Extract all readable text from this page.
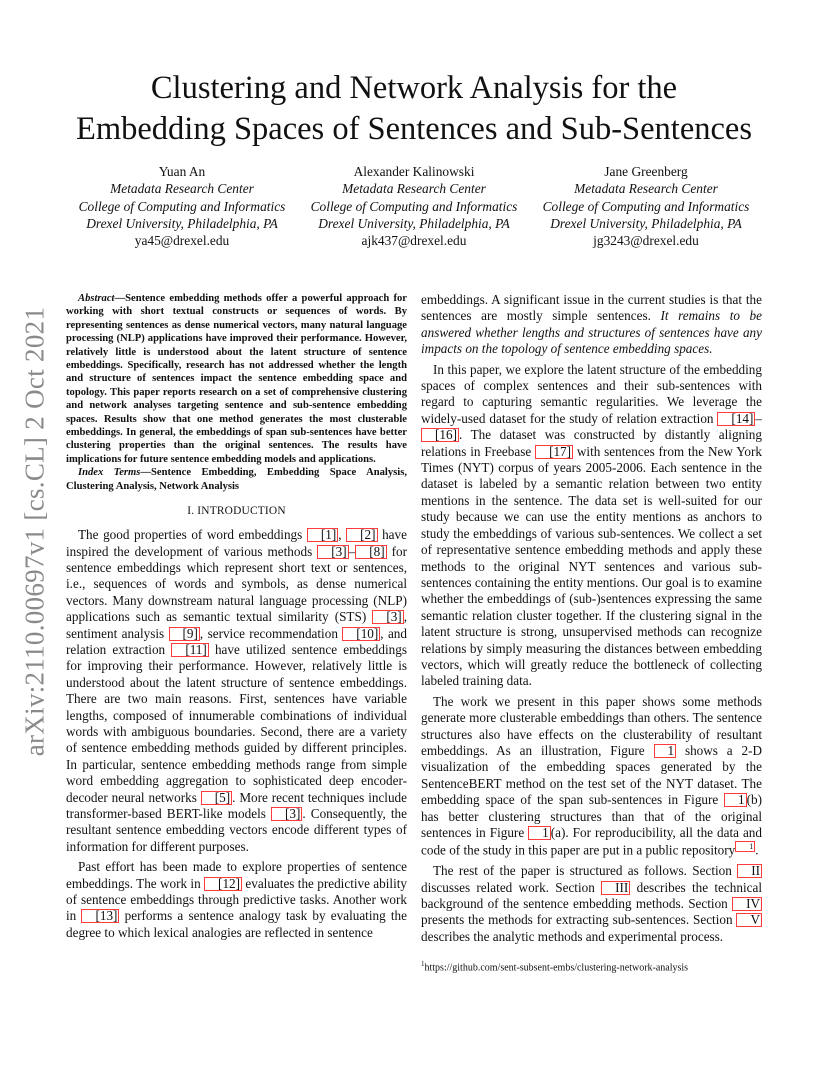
arXiv:2110.00697v1 [cs.CL] 2 Oct 2021
Clustering and Network Analysis for the
Embedding Spaces of Sentences and Sub-Sentences
Yuan An
Metadata Research Center
College of Computing and Informatics
Drexel University, Philadelphia, PA
ya45@drexel.edu
Alexander Kalinowski
Metadata Research Center
College of Computing and Informatics
Drexel University, Philadelphia, PA
ajk437@drexel.edu
Jane Greenberg
Metadata Research Center
College of Computing and Informatics
Drexel University, Philadelphia, PA
jg3243@drexel.edu

Abstract—Sentence embedding methods offer a powerful approach for working with short textual constructs or sequences of words. By representing sentences as dense numerical vectors, many natural language processing (NLP) applications have improved their performance. However, relatively little is understood about the latent structure of sentence embeddings. Specifically, research has not addressed whether the length and structure of sentences impact the sentence embedding space and topology. This paper reports research on a set of comprehensive clustering and network analyses targeting sentence and sub-sentence embedding spaces. Results show that one method generates the most clusterable embeddings. In general, the embeddings of span sub-sentences have better clustering properties than the original sentences. The results have implications for future sentence embedding models and applications.

Index Terms—Sentence Embedding, Embedding Space Analysis, Clustering Analysis, Network Analysis

I. INTRODUCTION

The good properties of word embeddings [1] , [2] have inspired the development of various methods [3] – [8] for sentence embeddings which represent short text or sentences, i.e., sequences of words and symbols, as dense numerical vectors. Many downstream natural language processing (NLP) applications such as semantic textual similarity (STS) [3] , sentiment analysis [9] , service recommendation [10] , and relation extraction [11] have utilized sentence embeddings for improving their performance. However, relatively little is understood about the latent structure of sentence embeddings. There are two main reasons. First, sentences have variable lengths, composed of innumerable combinations of individual words with ambiguous boundaries. Second, there are a variety of sentence embedding methods guided by different principles. In particular, sentence embedding methods range from simple word embedding aggregation to sophisticated deep encoder-decoder neural networks [5] . More recent techniques include transformer-based BERT-like models [3] . Consequently, the resultant sentence embedding vectors encode different types of information for different purposes.

Past effort has been made to explore properties of sentence embeddings. The work in [12] evaluates the predictive ability of sentence embeddings through predictive tasks. Another work in [13] performs a sentence analogy task by evaluating the degree to which lexical analogies are reflected in sentence

embeddings. A significant issue in the current studies is that the sentences are mostly simple sentences. It remains to be answered whether lengths and structures of sentences have any impacts on the topology of sentence embedding spaces.

In this paper, we explore the latent structure of the embedding spaces of complex sentences and their sub-sentences with regard to capturing semantic regularities. We leverage the widely-used dataset for the study of relation extraction [14] –[16] . The dataset was constructed by distantly aligning relations in Freebase [17] with sentences from the New York Times (NYT) corpus of years 2005-2006. Each sentence in the dataset is labeled by a semantic relation between two entity mentions in the sentence. The data set is well-suited for our study because we can use the entity mentions as anchors to study the embeddings of various sub-sentences. We collect a set of representative sentence embedding methods and apply these methods to the original NYT sentences and various sub-sentences containing the entity mentions. Our goal is to examine whether the embeddings of (sub-)sentences expressing the same semantic relation cluster together. If the clustering signal in the latent structure is strong, unsupervised methods can recognize relations by simply measuring the distances between embedding vectors, which will greatly reduce the bottleneck of collecting labeled training data.

The work we present in this paper shows some methods generate more clusterable embeddings than others. The sentence structures also have effects on the clusterability of resultant embeddings. As an illustration, Figure 1 shows a 2-D visualization of the embedding spaces generated by the SentenceBERT method on the test set of the NYT dataset. The embedding space of the span sub-sentences in Figure 1 (b) has better clustering structures than that of the original sentences in Figure 1 (a). For reproducibility, all the data and code of the study in this paper are put in a public repository 1 .

The rest of the paper is structured as follows. Section II discusses related work. Section III describes the technical background of the sentence embedding methods. Section IV presents the methods for extracting sub-sentences. Section V describes the analytic methods and experimental process.

$^1$https://github.com/sent-subsent-embs/clustering-network-analysis
